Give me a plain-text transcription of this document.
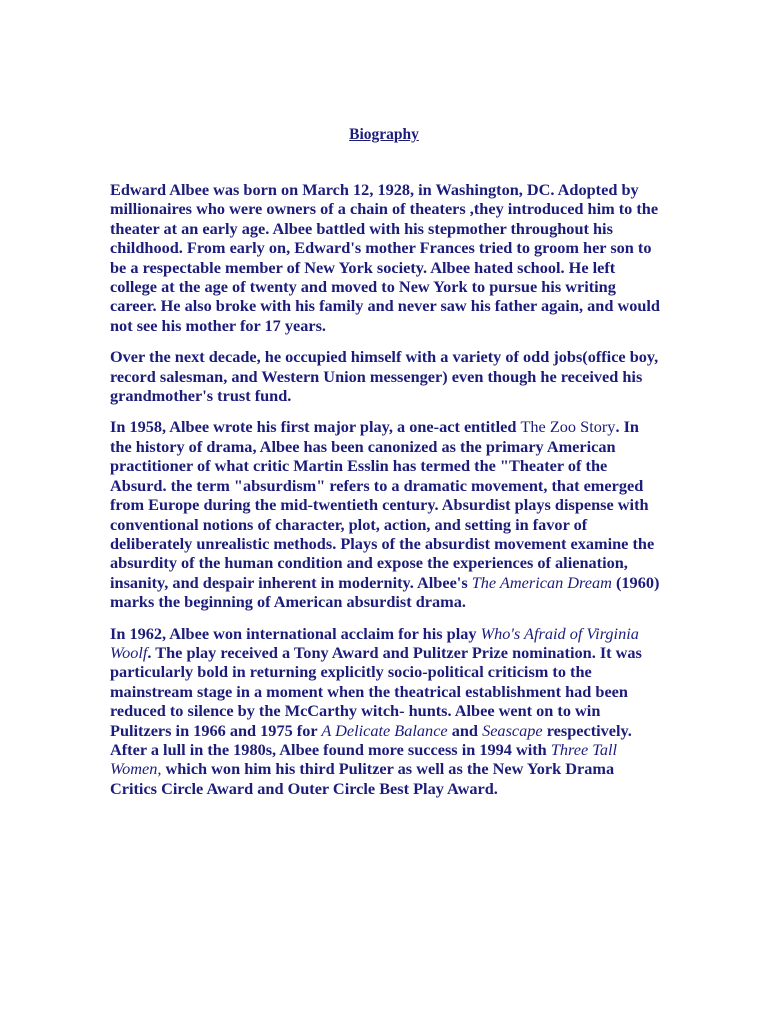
Biography

Edward Albee was born on March 12, 1928, in Washington, DC. Adopted by millionaires who were owners of a chain of theaters ,they introduced him to the theater at an early age. Albee battled with his stepmother throughout his childhood. From early on, Edward's mother Frances tried to groom her son to be a respectable member of New York society. Albee hated school. He left college at the age of twenty and moved to New York to pursue his writing career. He also broke with his family and never saw his father again, and would not see his mother for 17 years.

Over the next decade, he occupied himself with a variety of odd jobs(office boy, record salesman, and Western Union messenger) even though he received his grandmother's trust fund.

In 1958, Albee wrote his first major play, a one-act entitled The Zoo Story. In the history of drama, Albee has been canonized as the primary American practitioner of what critic Martin Esslin has termed the "Theater of the Absurd. the term "absurdism" refers to a dramatic movement, that emerged from Europe during the mid-twentieth century. Absurdist plays dispense with conventional notions of character, plot, action, and setting in favor of deliberately unrealistic methods. Plays of the absurdist movement examine the absurdity of the human condition and expose the experiences of alienation, insanity, and despair inherent in modernity. Albee's The American Dream (1960) marks the beginning of American absurdist drama.

In 1962, Albee won international acclaim for his play Who's Afraid of Virginia Woolf. The play received a Tony Award and Pulitzer Prize nomination. It was particularly bold in returning explicitly socio-political criticism to the mainstream stage in a moment when the theatrical establishment had been reduced to silence by the McCarthy witch- hunts. Albee went on to win Pulitzers in 1966 and 1975 for A Delicate Balance and Seascape respectively. After a lull in the 1980s, Albee found more success in 1994 with Three Tall Women, which won him his third Pulitzer as well as the New York Drama Critics Circle Award and Outer Circle Best Play Award.
